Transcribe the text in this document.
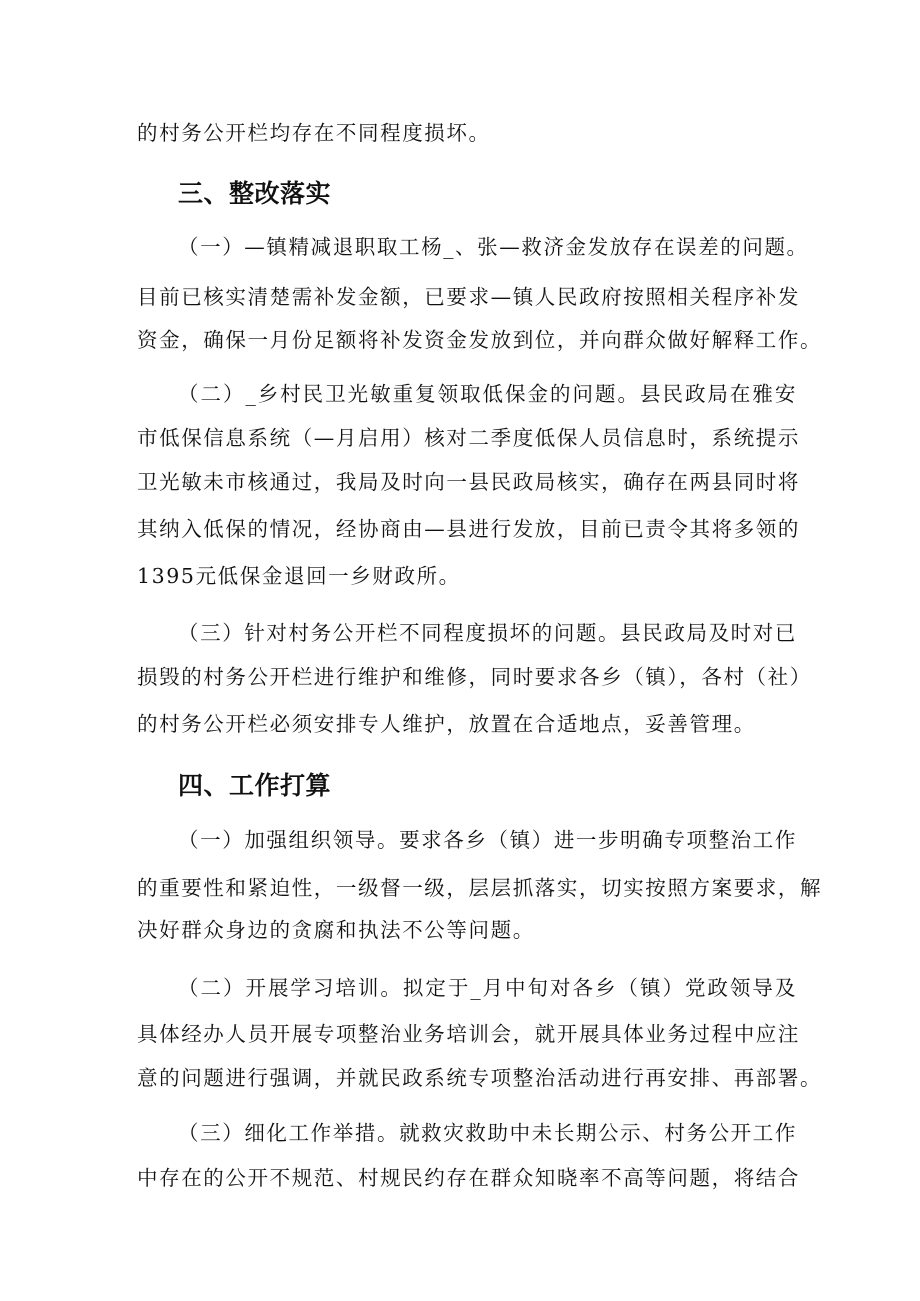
的村务公开栏均存在不同程度损坏。
三、整改落实
（一）—镇精减退职取工杨_、张—救济金发放存在误差的问题。
目前已核实清楚需补发金额，已要求—镇人民政府按照相关程序补发
资金，确保一月份足额将补发资金发放到位，并向群众做好解释工作。
（二）_乡村民卫光敏重复领取低保金的问题。县民政局在雅安
市低保信息系统（—月启用）核对二季度低保人员信息时，系统提示
卫光敏未市核通过，我局及时向一县民政局核实，确存在两县同时将
其纳入低保的情况，经协商由—县进行发放，目前已责令其将多领的
1395元低保金退回一乡财政所。
（三）针对村务公开栏不同程度损坏的问题。县民政局及时对已
损毁的村务公开栏进行维护和维修，同时要求各乡（镇），各村（社）
的村务公开栏必须安排专人维护，放置在合适地点，妥善管理。
四、工作打算
（一）加强组织领导。要求各乡（镇）进一步明确专项整治工作
的重要性和紧迫性，一级督一级，层层抓落实，切实按照方案要求，解
决好群众身边的贪腐和执法不公等问题。
（二）开展学习培训。拟定于_月中旬对各乡（镇）党政领导及
具体经办人员开展专项整治业务培训会，就开展具体业务过程中应注
意的问题进行强调，并就民政系统专项整治活动进行再安排、再部署。
（三）细化工作举措。就救灾救助中未长期公示、村务公开工作
中存在的公开不规范、村规民约存在群众知晓率不高等问题，将结合
